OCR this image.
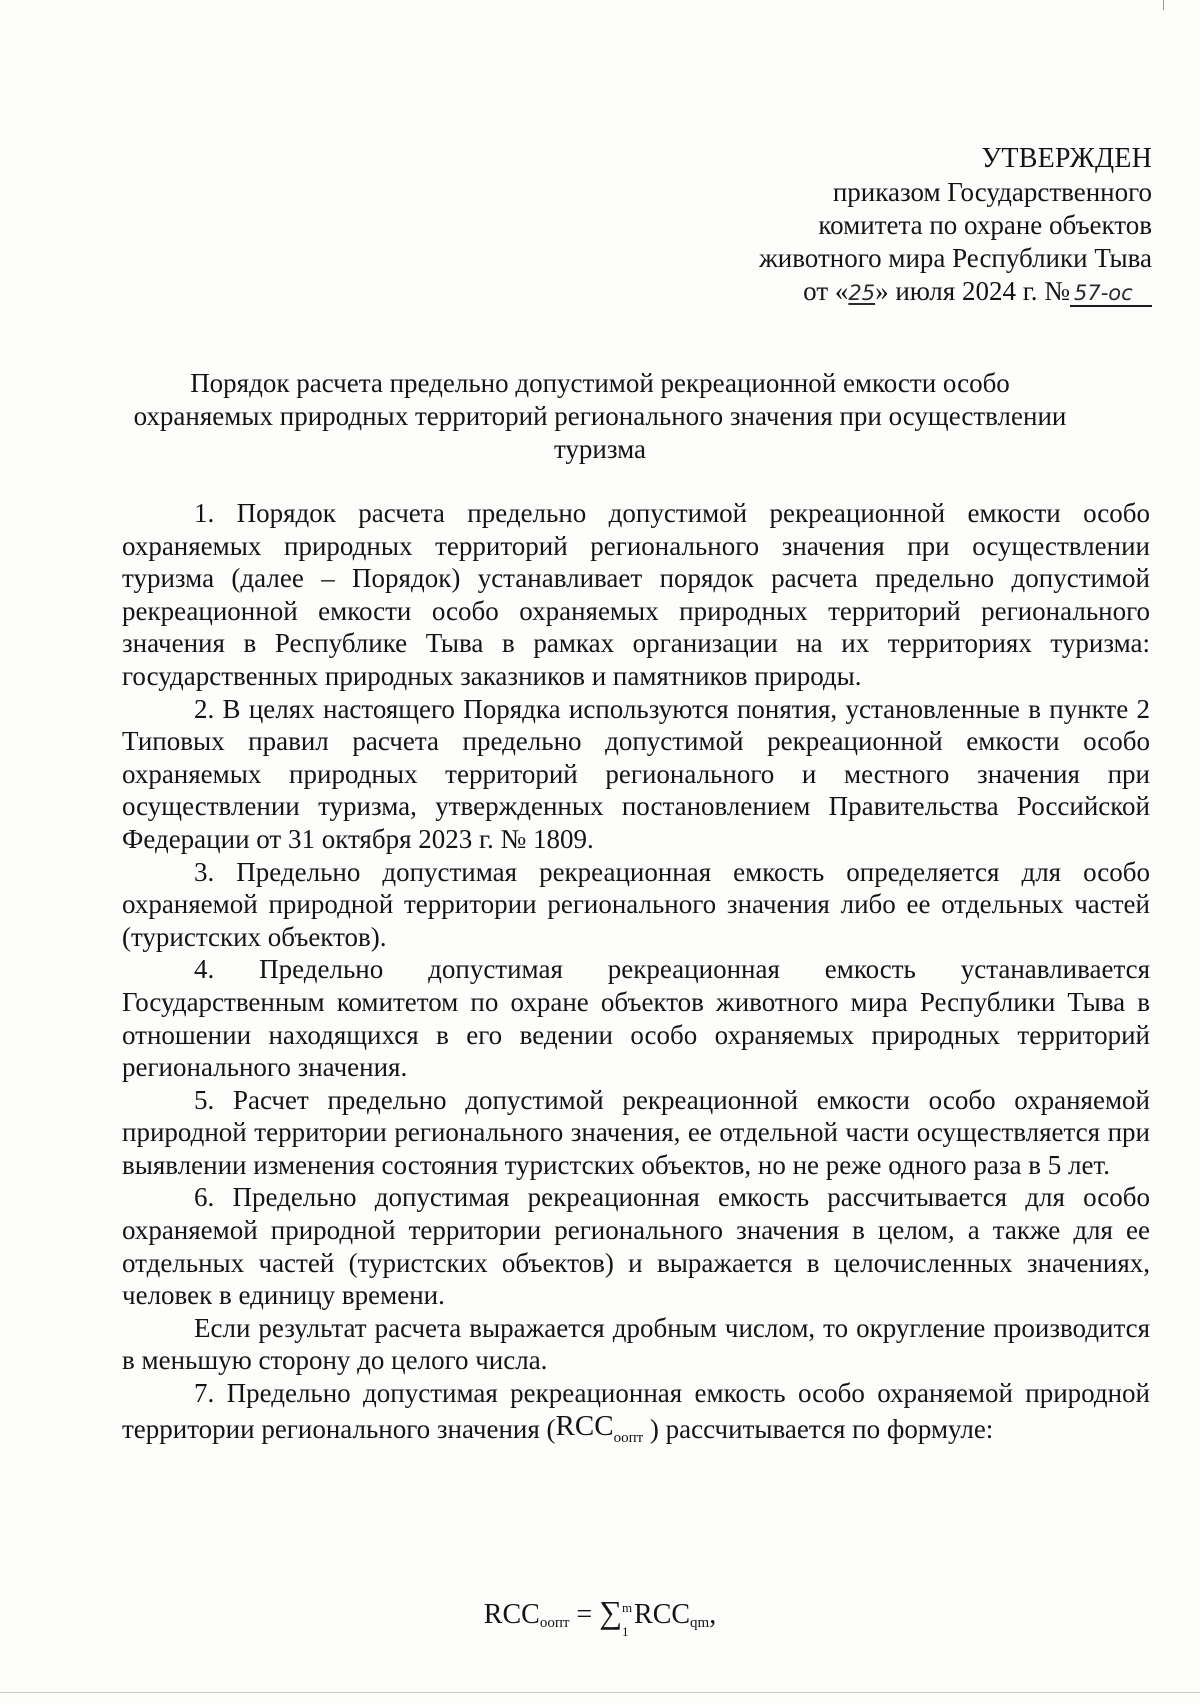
УТВЕРЖДЕН
приказом Государственного
комитета по охране объектов
животного мира Республики Тыва
от «25» июля 2024 г. № 57-ос
Порядок расчета предельно допустимой рекреационной емкости особо
охраняемых природных территорий регионального значения при осуществлении
туризма

1. Порядок расчета предельно допустимой рекреационной емкости особо охраняемых природных территорий регионального значения при осуществлении туризма (далее – Порядок) устанавливает порядок расчета предельно допустимой рекреационной емкости особо охраняемых природных территорий регионального значения в Республике Тыва в рамках организации на их территориях туризма: государственных природных заказников и памятников природы.

2. В целях настоящего Порядка используются понятия, установленные в пункте 2 Типовых правил расчета предельно допустимой рекреационной емкости особо охраняемых природных территорий регионального и местного значения при осуществлении туризма, утвержденных постановлением Правительства Российской Федерации от 31 октября 2023 г. № 1809.

3. Предельно допустимая рекреационная емкость определяется для особо охраняемой природной территории регионального значения либо ее отдельных частей (туристских объектов).

4. Предельно допустимая рекреационная емкость устанавливается Государственным комитетом по охране объектов животного мира Республики Тыва в отношении находящихся в его ведении особо охраняемых природных территорий регионального значения.

5. Расчет предельно допустимой рекреационной емкости особо охраняемой природной территории регионального значения, ее отдельной части осуществляется при выявлении изменения состояния туристских объектов, но не реже одного раза в 5 лет.

6. Предельно допустимая рекреационная емкость рассчитывается для особо охраняемой природной территории регионального значения в целом, а также для ее отдельных частей (туристских объектов) и выражается в целочисленных значениях, человек в единицу времени.

Если результат расчета выражается дробным числом, то округление производится в меньшую сторону до целого числа.

7. Предельно допустимая рекреационная емкость особо охраняемой природной территории регионального значения ($RCC_{оопт}$ ) рассчитывается по формуле:

$RCC_{оопт}$ = ∑ m
1
$RCC_{qm}$,
